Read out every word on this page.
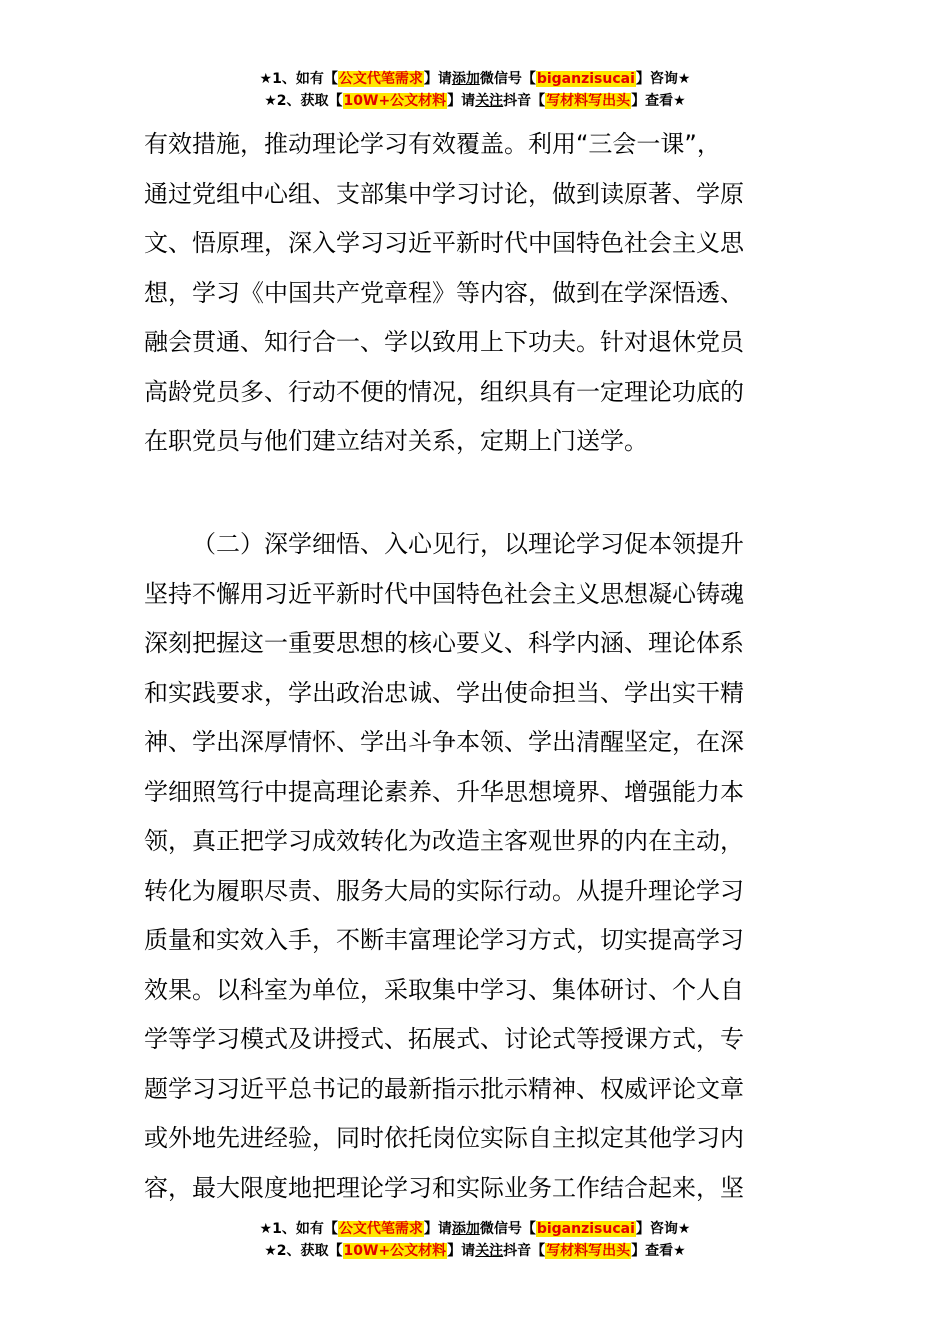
★1、如有【公文代笔需求】请添加微信号【biganzisucai】咨询★
★2、获取【10W+公文材料】请关注抖音【写材料写出头】查看★
有效措施，推动理论学习有效覆盖。利用“三会一课”，
通过党组中心组、支部集中学习讨论，做到读原著、学原
文、悟原理，深入学习习近平新时代中国特色社会主义思
想，学习《中国共产党章程》等内容，做到在学深悟透、
融会贯通、知行合一、学以致用上下功夫。针对退休党员
高龄党员多、行动不便的情况，组织具有一定理论功底的
在职党员与他们建立结对关系，定期上门送学。
（二）深学细悟、入心见行，以理论学习促本领提升
坚持不懈用习近平新时代中国特色社会主义思想凝心铸魂
深刻把握这一重要思想的核心要义、科学内涵、理论体系
和实践要求，学出政治忠诚、学出使命担当、学出实干精
神、学出深厚情怀、学出斗争本领、学出清醒坚定，在深
学细照笃行中提高理论素养、升华思想境界、增强能力本
领，真正把学习成效转化为改造主客观世界的内在主动，
转化为履职尽责、服务大局的实际行动。从提升理论学习
质量和实效入手，不断丰富理论学习方式，切实提高学习
效果。以科室为单位，采取集中学习、集体研讨、个人自
学等学习模式及讲授式、拓展式、讨论式等授课方式，专
题学习习近平总书记的最新指示批示精神、权威评论文章
或外地先进经验，同时依托岗位实际自主拟定其他学习内
容，最大限度地把理论学习和实际业务工作结合起来，坚
★1、如有【公文代笔需求】请添加微信号【biganzisucai】咨询★
★2、获取【10W+公文材料】请关注抖音【写材料写出头】查看★
